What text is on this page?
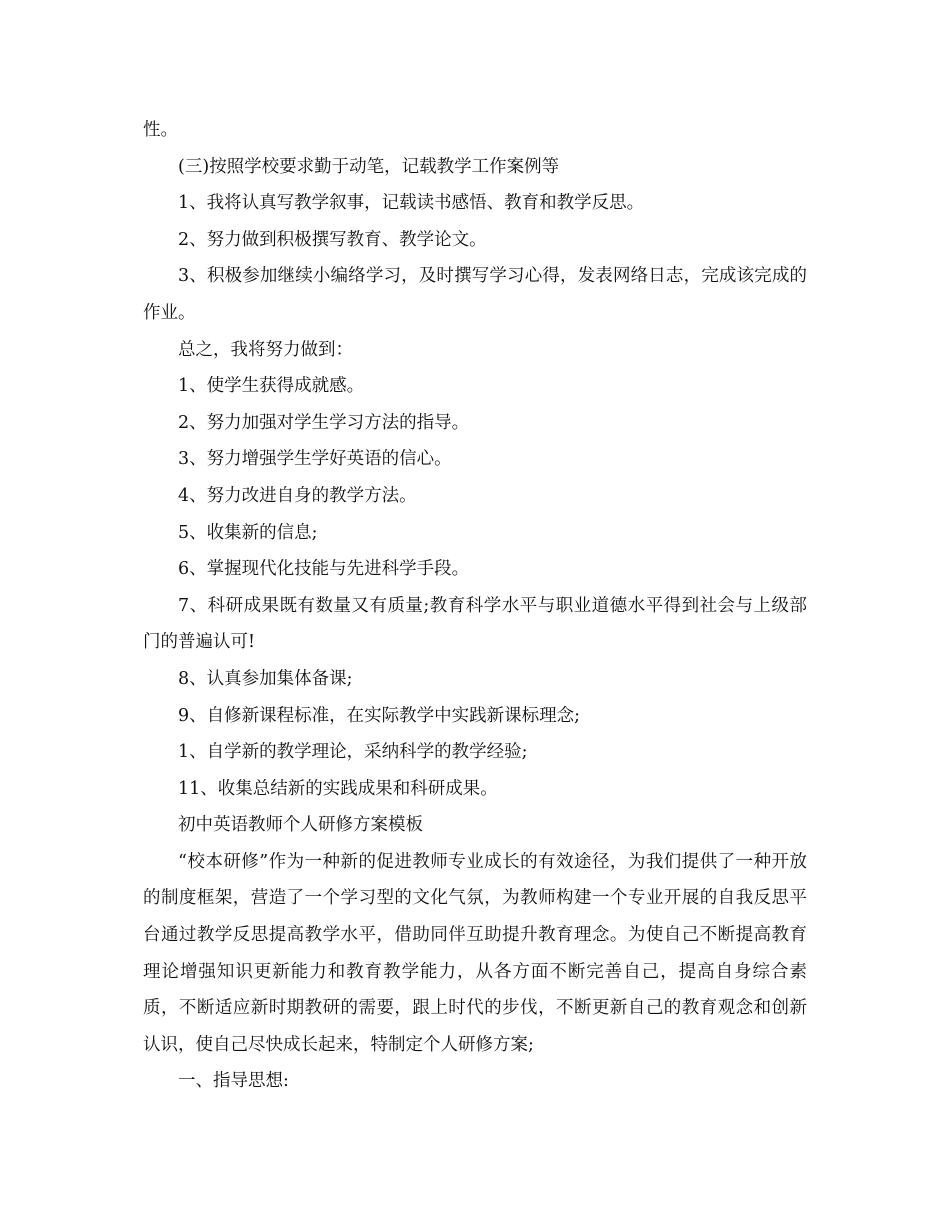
性。

(三)按照学校要求勤于动笔，记载教学工作案例等

1、我将认真写教学叙事，记载读书感悟、教育和教学反思。

2、努力做到积极撰写教育、教学论文。

3、积极参加继续小编络学习，及时撰写学习心得，发表网络日志，完成该完成的作业。

总之，我将努力做到：

1、使学生获得成就感。

2、努力加强对学生学习方法的指导。

3、努力增强学生学好英语的信心。

4、努力改进自身的教学方法。

5、收集新的信息;

6、掌握现代化技能与先进科学手段。

7、科研成果既有数量又有质量;教育科学水平与职业道德水平得到社会与上级部门的普遍认可!

8、认真参加集体备课;

9、自修新课程标准，在实际教学中实践新课标理念;

1、自学新的教学理论，采纳科学的教学经验;

11、收集总结新的实践成果和科研成果。

初中英语教师个人研修方案模板

“校本研修”作为一种新的促进教师专业成长的有效途径，为我们提供了一种开放的制度框架，营造了一个学习型的文化气氛，为教师构建一个专业开展的自我反思平台通过教学反思提高教学水平，借助同伴互助提升教育理念。为使自己不断提高教育理论增强知识更新能力和教育教学能力，从各方面不断完善自己，提高自身综合素质，不断适应新时期教研的需要，跟上时代的步伐，不断更新自己的教育观念和创新认识，使自己尽快成长起来，特制定个人研修方案;

一、指导思想:
